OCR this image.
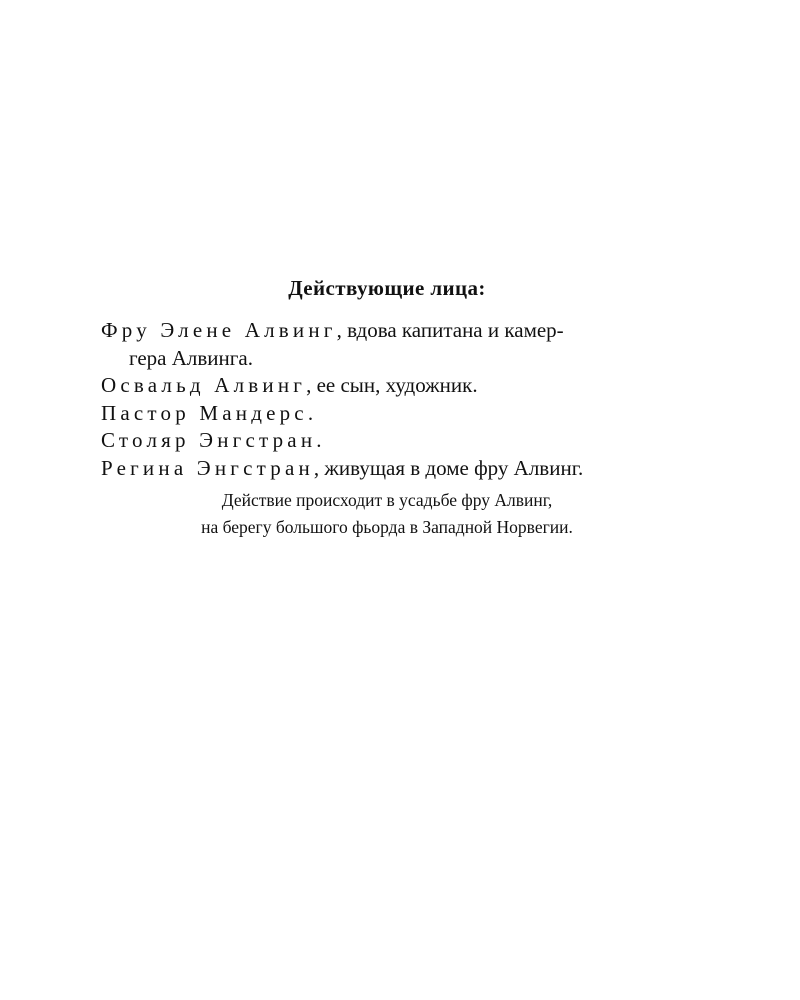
Действующие лица:
Фру Элене Алвинг, вдова капитана и камер-
гера Алвинга.
Освальд Алвинг, ее сын, художник.
Пастор Мандерс.
Столяр Энгстран.
Регина Энгстран, живущая в доме фру Алвинг.
Действие происходит в усадьбе фру Алвинг,
на берегу большого фьорда в Западной Норвегии.
